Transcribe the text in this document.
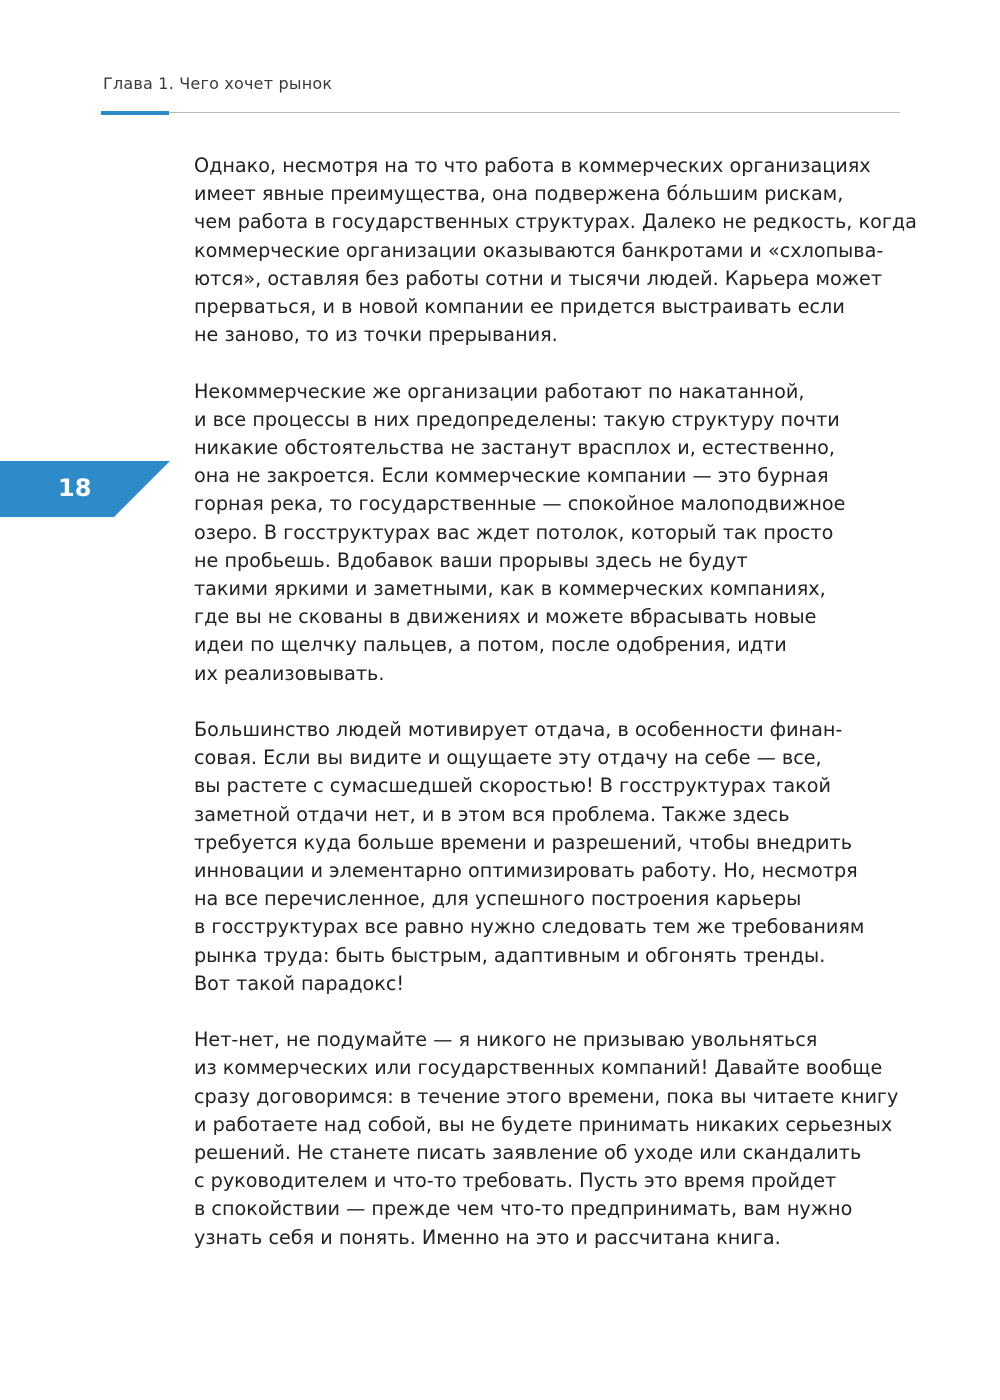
Глава 1. Чего хочет рынок
18
Однако, несмотря на то что работа в коммерческих организациях
имеет явные преимущества, она подвержена бóльшим рискам,
чем работа в государственных структурах. Далеко не редкость, когда
коммерческие организации оказываются банкротами и «схлопыва-
ются», оставляя без работы сотни и тысячи людей. Карьера может
прерваться, и в новой компании ее придется выстраивать если
не заново, то из точки прерывания.
Некоммерческие же организации работают по накатанной,
и все процессы в них предопределены: такую структуру почти
никакие обстоятельства не застанут врасплох и, естественно,
она не закроется. Если коммерческие компании — это бурная
горная река, то государственные — спокойное малоподвижное
озеро. В госструктурах вас ждет потолок, который так просто
не пробьешь. Вдобавок ваши прорывы здесь не будут
такими яркими и заметными, как в коммерческих компаниях,
где вы не скованы в движениях и можете вбрасывать новые
идеи по щелчку пальцев, а потом, после одобрения, идти
их реализовывать.
Большинство людей мотивирует отдача, в особенности финан-
совая. Если вы видите и ощущаете эту отдачу на себе — все,
вы растете с сумасшедшей скоростью! В госструктурах такой
заметной отдачи нет, и в этом вся проблема. Также здесь
требуется куда больше времени и разрешений, чтобы внедрить
инновации и элементарно оптимизировать работу. Но, несмотря
на все перечисленное, для успешного построения карьеры
в госструктурах все равно нужно следовать тем же требованиям
рынка труда: быть быстрым, адаптивным и обгонять тренды.
Вот такой парадокс!
Нет-нет, не подумайте — я никого не призываю увольняться
из коммерческих или государственных компаний! Давайте вообще
сразу договоримся: в течение этого времени, пока вы читаете книгу
и работаете над собой, вы не будете принимать никаких серьезных
решений. Не станете писать заявление об уходе или скандалить
с руководителем и что-то требовать. Пусть это время пройдет
в спокойствии — прежде чем что-то предпринимать, вам нужно
узнать себя и понять. Именно на это и рассчитана книга.
